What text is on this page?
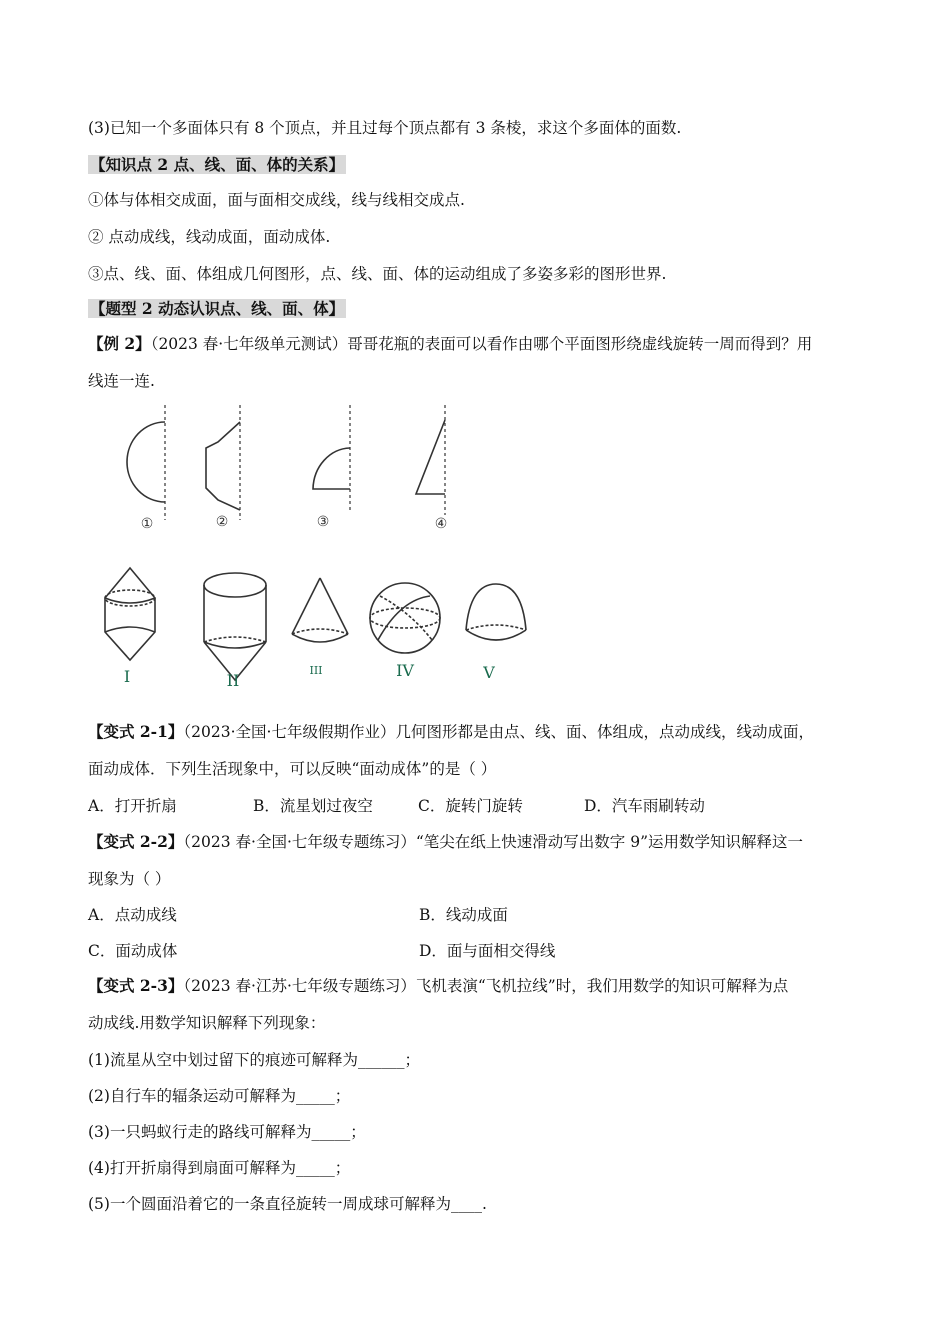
(3)已知一个多面体只有 8 个顶点，并且过每个顶点都有 3 条棱，求这个多面体的面数.
【知识点 2 点、线、面、体的关系】
①体与体相交成面，面与面相交成线，线与线相交成点.
② 点动成线，线动成面，面动成体.
③点、线、面、体组成几何图形，点、线、面、体的运动组成了多姿多彩的图形世界.
【题型 2 动态认识点、线、面、体】
【例 2】（2023 春·七年级单元测试）哥哥花瓶的表面可以看作由哪个平面图形绕虚线旋转一周而得到？用
线连一连.
①	②	③	④
I	II
III	IV	V
【变式 2-1】（2023·全国·七年级假期作业）几何图形都是由点、线、面、体组成，点动成线，线动成面，
面动成体．下列生活现象中，可以反映“面动成体”的是（ ）
A．打开折扇	B．流星划过夜空	C．旋转门旋转	D．汽车雨刷转动
【变式 2-2】（2023 春·全国·七年级专题练习）“笔尖在纸上快速滑动写出数字 9”运用数学知识解释这一
现象为（ ）
A．点动成线	B．线动成面
C．面动成体	D．面与面相交得线
【变式 2-3】（2023 春·江苏·七年级专题练习）飞机表演“飞机拉线”时，我们用数学的知识可解释为点
动成线.用数学知识解释下列现象：
(1)流星从空中划过留下的痕迹可解释为______；
(2)自行车的辐条运动可解释为_____；
(3)一只蚂蚁行走的路线可解释为_____；
(4)打开折扇得到扇面可解释为_____；
(5)一个圆面沿着它的一条直径旋转一周成球可解释为____.
